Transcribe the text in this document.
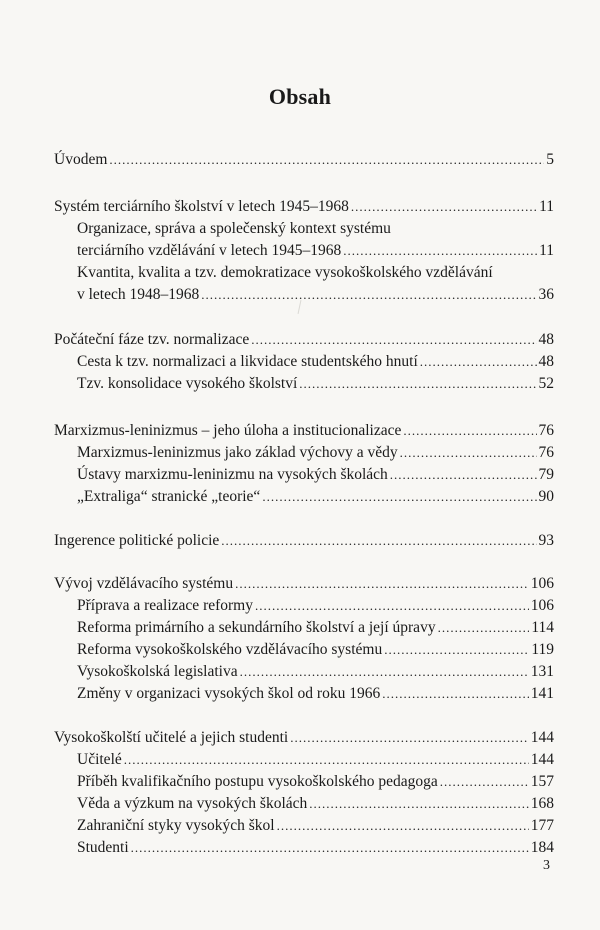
Obsah
Úvodem .....	5
Systém terciárního školství v letech 1945–1968 .....	11
Organizace, správa a společenský kontext systému
terciárního vzdělávání v letech 1945–1968 .....	11
Kvantita, kvalita a tzv. demokratizace vysokoškolského vzdělávání
v letech 1948–1968 .....	36
Počáteční fáze tzv. normalizace .....	48
Cesta k tzv. normalizaci a likvidace studentského hnutí .....	48
Tzv. konsolidace vysokého školství .....	52
Marxizmus-leninizmus – jeho úloha a institucionalizace .....	76
Marxizmus-leninizmus jako základ výchovy a vědy .....	76
Ústavy marxizmu-leninizmu na vysokých školách .....	79
„Extraliga“ stranické „teorie“ .....	90
Ingerence politické policie .....	93
Vývoj vzdělávacího systému .....	106
Příprava a realizace reformy .....	106
Reforma primárního a sekundárního školství a její úpravy .....	114
Reforma vysokoškolského vzdělávacího systému .....	119
Vysokoškolská legislativa .....	131
Změny v organizaci vysokých škol od roku 1966 .....	141
Vysokoškolští učitelé a jejich studenti .....	144
Učitelé .....	144
Příběh kvalifikačního postupu vysokoškolského pedagoga .....	157
Věda a výzkum na vysokých školách .....	168
Zahraniční styky vysokých škol .....	177
Studenti .....	184
3
